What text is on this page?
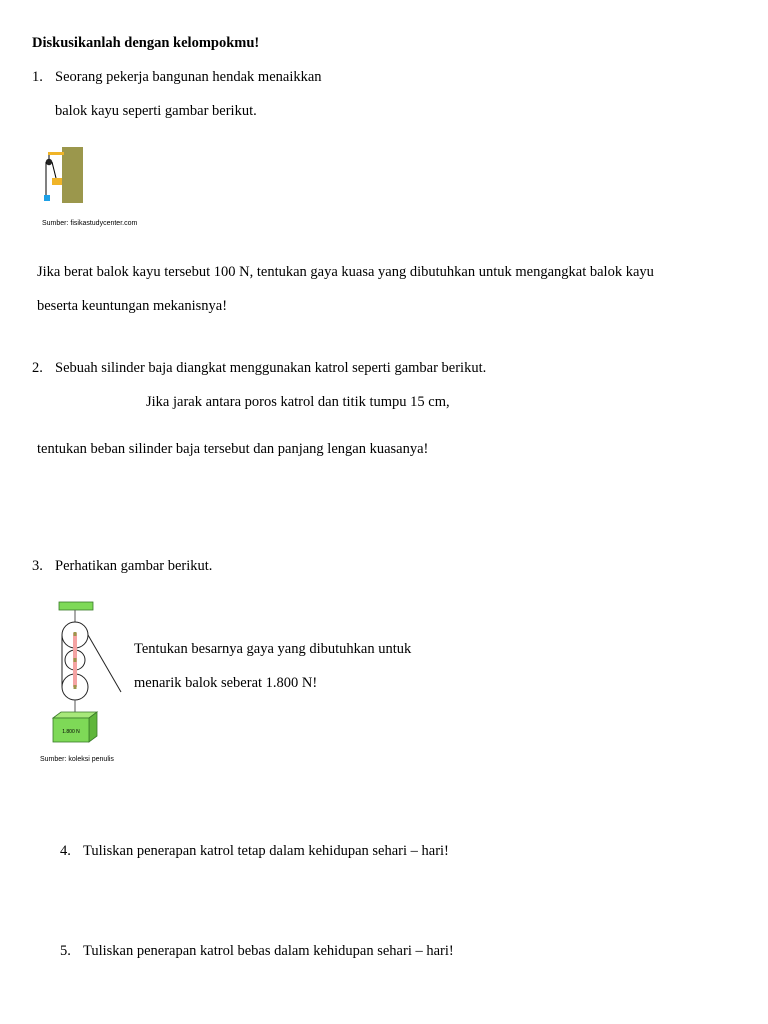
Diskusikanlah dengan kelompokmu!
1. Seorang pekerja bangunan hendak menaikkan
balok kayu seperti gambar berikut.
Sumber: fisikastudycenter.com
Jika berat balok kayu tersebut 100 N, tentukan gaya kuasa yang dibutuhkan untuk mengangkat balok kayu
beserta keuntungan mekanisnya!
2. Sebuah silinder baja diangkat menggunakan katrol seperti gambar berikut.
Jika jarak antara poros katrol dan titik tumpu 15 cm,
tentukan beban silinder baja tersebut dan panjang lengan kuasanya!
3. Perhatikan gambar berikut.
1.800 N
Sumber: koleksi penulis
Tentukan besarnya gaya yang dibutuhkan untuk
menarik balok seberat 1.800 N!
4. Tuliskan penerapan katrol tetap dalam kehidupan sehari – hari!
5. Tuliskan penerapan katrol bebas dalam kehidupan sehari – hari!
